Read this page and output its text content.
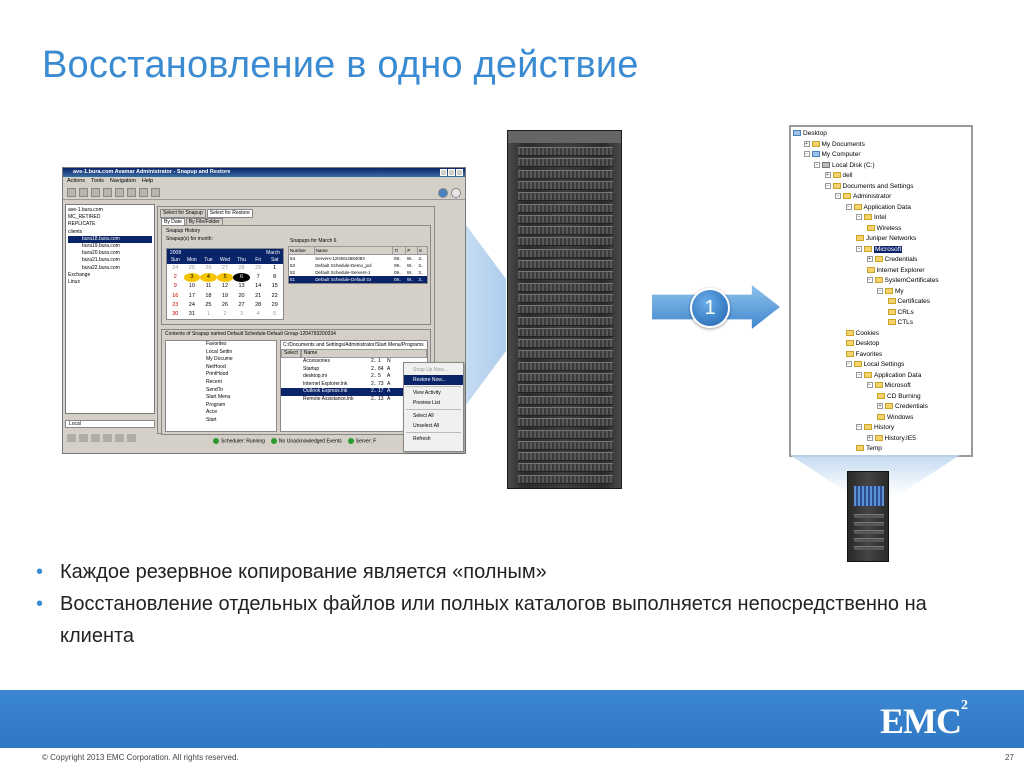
Восстановление в одно действие
ave-1.bura.com Avamar Administrator - Snapup and Restore
Actions Tools Navigation Help
ave-1.bura.com
MC_RETIRED
REPLICATE
clients
bura18.bura.com
bura19.bura.com
bura20.bura.com
bura21.bura.com
bura22.bura.com
Exchange
Linux
Local
Select for Snapup	Select for Restore
By Date	By File/Folder
Snapup History
Snapup(s) for month:
2008	March
Sun	Mon	Tue	Wed	Thu	Fri	Sat
24	25	26	27	28	29	1
2	3	4	5	6	7	8
9	10	11	12	13	14	15
16	17	18	19	20	21	22
23	24	25	26	27	28	29
30	31	1	2	3	4	5
Snapups for March 6
Number	Name	Ti	P	S
54	Servers-1204814684093	09..	W..	3..
53	Default Schedule-Demo_pol	09..	W..	3..
52	Default Schedule-Servers-1	09..	W..	3..
51	Default Schedule-Default Gr	09..	W..	3..
Contents of Snapup named Default Schedule-Default Group-1204783200334
Favorites
Local Settin
My Docume
NetHood
PrintHood
Recent
SendTo
Start Menu
Program
Acce
Start
C:/Documents and Settings/Administrator/Start Menu/Programs
Select	Name
Accessories	2.. 1 N
Startup	2.. 84 A
desktop.ini	2.. 5 A
Internet Explorer.lnk	2.. 73 A
Outlook Express.lnk	2.. 17 A
Remote Assistance.lnk	2.. 13 A
Scheduler: Running	No Unacknowledged Events	Server: F
Snap Up Now...
Restore Now...
View Activity
Preview List
Select All
Unselect All
Refresh
1
Desktop
+ My Documents
− My Computer
− Local Disk (C:)
+ dell
− Documents and Settings
− Administrator
− Application Data
− Intel
Wireless
Juniper Networks
− Microsoft
+ Credentials
Internet Explorer
− SystemCertificates
− My
Certificates
CRLs
CTLs
Cookies
Desktop
Favorites
− Local Settings
− Application Data
− Microsoft
CD Burning
+ Credentials
Windows
− History
+ History.IE5
Temp
• Каждое резервное копирование является «полным»
• Восстановление отдельных файлов или полных каталогов выполняется непосредственно на клиента
EMC$^2$
© Copyright 2013 EMC Corporation. All rights reserved.	27
